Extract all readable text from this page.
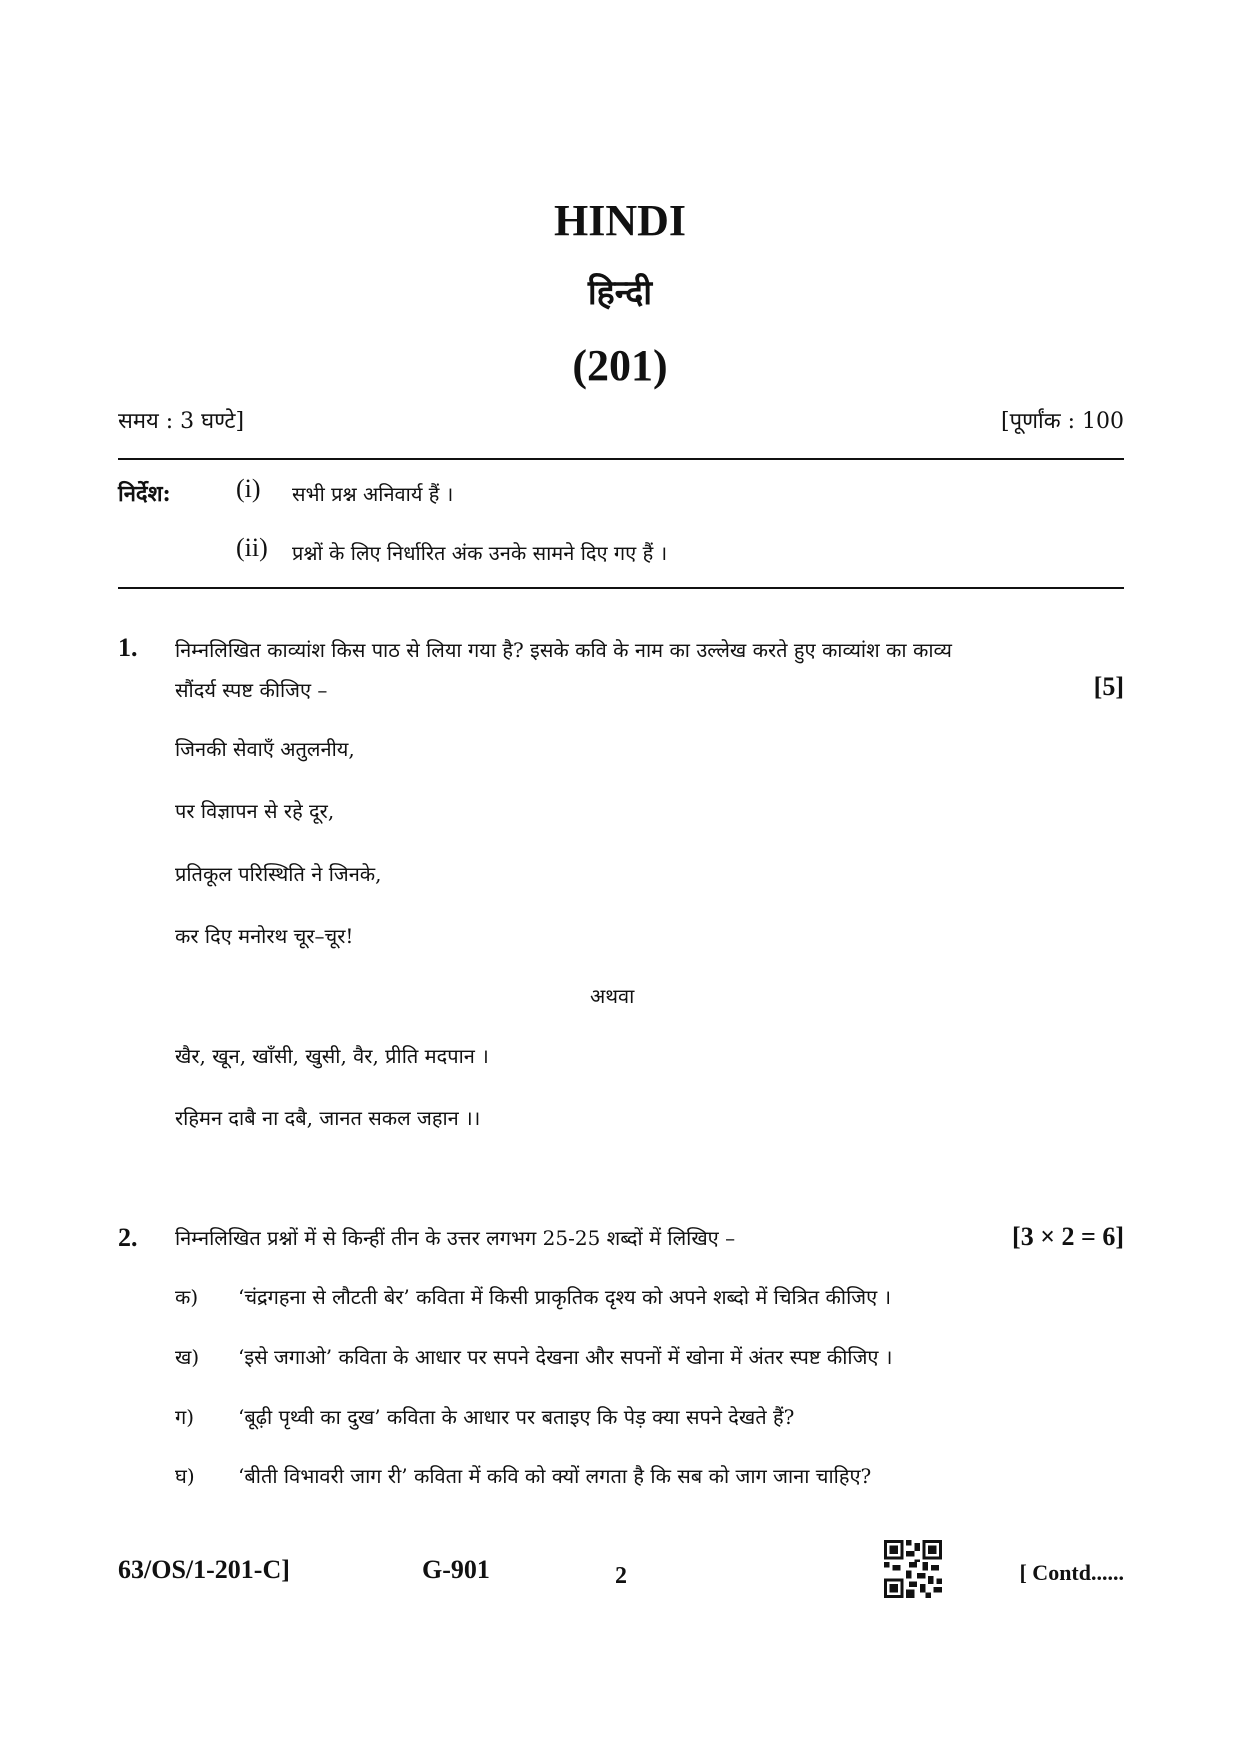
HINDI
हिन्दी
(201)
समय : 3 घण्टे]	[पूर्णांक : 100
निर्देश:	(i) सभी प्रश्न अनिवार्य हैं ।
(ii) प्रश्नों के लिए निर्धारित अंक उनके सामने दिए गए हैं ।
1. निम्नलिखित काव्यांश किस पाठ से लिया गया है? इसके कवि के नाम का उल्लेख करते हुए काव्यांश का काव्य
सौंदर्य स्पष्ट कीजिए –	[5]
जिनकी सेवाएँ अतुलनीय,
पर विज्ञापन से रहे दूर,
प्रतिकूल परिस्थिति ने जिनके,
कर दिए मनोरथ चूर–चूर!
अथवा
खैर, खून, खाँसी, खुसी, वैर, प्रीति मदपान ।
रहिमन दाबै ना दबै, जानत सकल जहान ।।
2. निम्नलिखित प्रश्नों में से किन्हीं तीन के उत्तर लगभग 25-25 शब्दों में लिखिए –	[3 × 2 = 6]
क) ‘चंद्रगहना से लौटती बेर’ कविता में किसी प्राकृतिक दृश्य को अपने शब्दो में चित्रित कीजिए ।
ख) ‘इसे जगाओ’ कविता के आधार पर सपने देखना और सपनों में खोना में अंतर स्पष्ट कीजिए ।
ग) ‘बूढ़ी पृथ्वी का दुख’ कविता के आधार पर बताइए कि पेड़ क्या सपने देखते हैं?
घ) ‘बीती विभावरी जाग री’ कविता में कवि को क्यों लगता है कि सब को जाग जाना चाहिए?
63/OS/1-201-C]	G-901	2	[ Contd......
